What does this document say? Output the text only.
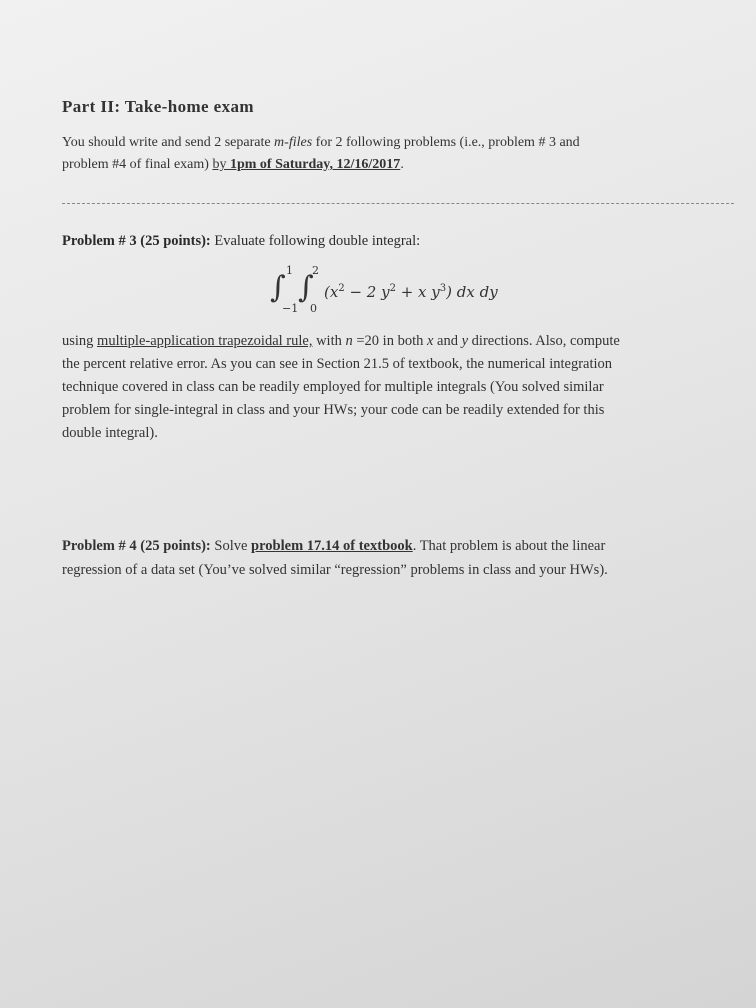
Part II: Take-home exam
You should write and send 2 separate m-files for 2 following problems (i.e., problem # 3 and
problem #4 of final exam) by 1pm of Saturday, 12/16/2017.
Problem # 3 (25 points): Evaluate following double integral:
∫ 1
−1
∫
2
0
($x^2 - 2$ $y^2 + x$ $y^3$) dx dy
using multiple-application trapezoidal rule, with n =20 in both x and y directions. Also, compute
the percent relative error. As you can see in Section 21.5 of textbook, the numerical integration
technique covered in class can be readily employed for multiple integrals (You solved similar
problem for single-integral in class and your HWs; your code can be readily extended for this
double integral).
Problem # 4 (25 points): Solve problem 17.14 of textbook. That problem is about the linear
regression of a data set (You’ve solved similar “regression” problems in class and your HWs).
